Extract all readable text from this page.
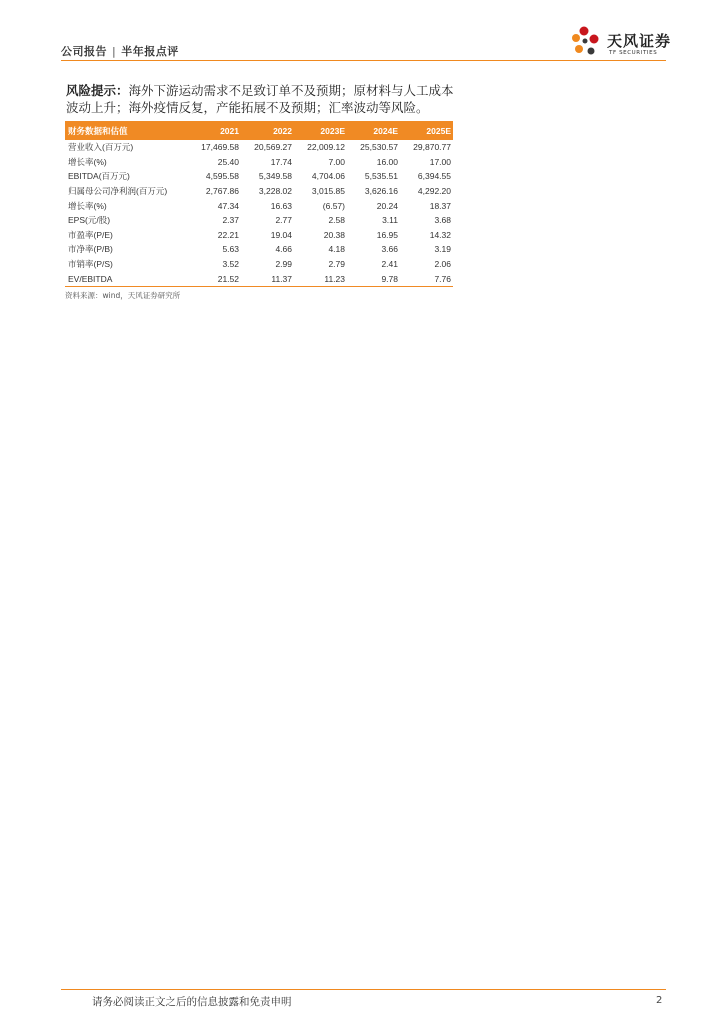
公司报告 | 半年报点评
天风证券
TF SECURITIES
风险提示：海外下游运动需求不足致订单不及预期；原材料与人工成本波动上升；海外疫情反复，产能拓展不及预期；汇率波动等风险。
财务数据和估值	2021	2022	2023E	2024E	2025E
营业收入(百万元)	17,469.58	20,569.27	22,009.12	25,530.57	29,870.77
增长率(%)	25.40	17.74	7.00	16.00	17.00
EBITDA(百万元)	4,595.58	5,349.58	4,704.06	5,535.51	6,394.55
归属母公司净利润(百万元)	2,767.86	3,228.02	3,015.85	3,626.16	4,292.20
增长率(%)	47.34	16.63	(6.57)	20.24	18.37
EPS(元/股)	2.37	2.77	2.58	3.11	3.68
市盈率(P/E)	22.21	19.04	20.38	16.95	14.32
市净率(P/B)	5.63	4.66	4.18	3.66	3.19
市销率(P/S)	3.52	2.99	2.79	2.41	2.06
EV/EBITDA	21.52	11.37	11.23	9.78	7.76
资料来源：wind，天风证券研究所
请务必阅读正文之后的信息披露和免责申明	2
